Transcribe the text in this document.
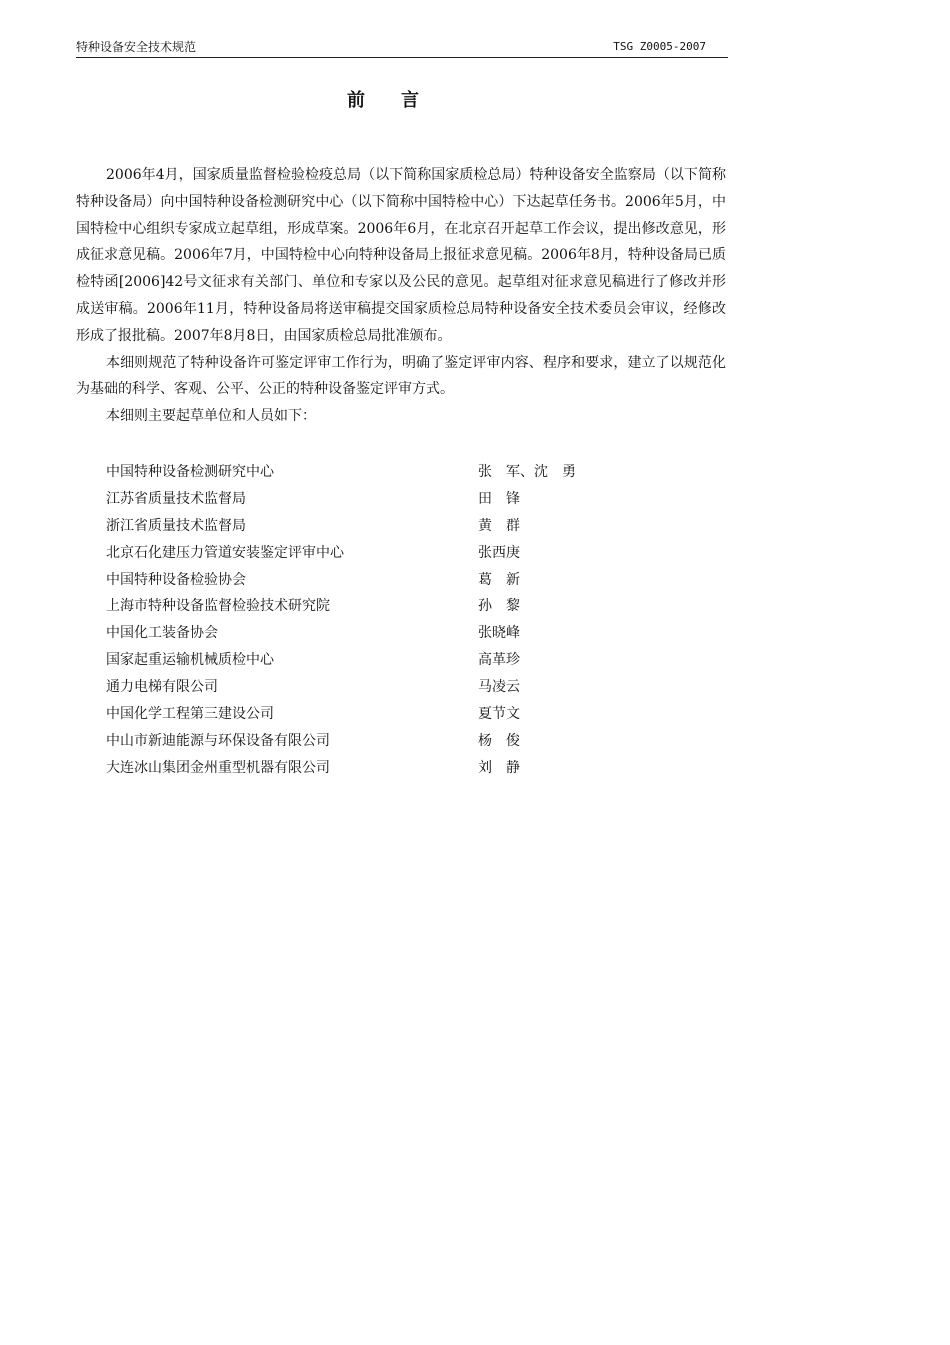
特种设备安全技术规范	TSG Z0005-2007
前言

2006年4月，国家质量监督检验检疫总局（以下简称国家质检总局）特种设备安全监察局（以下简称特种设备局）向中国特种设备检测研究中心（以下简称中国特检中心）下达起草任务书。2006年5月，中国特检中心组织专家成立起草组，形成草案。2006年6月，在北京召开起草工作会议，提出修改意见，形成征求意见稿。2006年7月，中国特检中心向特种设备局上报征求意见稿。2006年8月，特种设备局已质检特函[2006]42号文征求有关部门、单位和专家以及公民的意见。起草组对征求意见稿进行了修改并形成送审稿。2006年11月，特种设备局将送审稿提交国家质检总局特种设备安全技术委员会审议，经修改形成了报批稿。2007年8月8日，由国家质检总局批准颁布。

本细则规范了特种设备许可鉴定评审工作行为，明确了鉴定评审内容、程序和要求，建立了以规范化为基础的科学、客观、公平、公正的特种设备鉴定评审方式。

本细则主要起草单位和人员如下：

中国特种设备检测研究中心	张　军、沈　勇
江苏省质量技术监督局	田　锋
浙江省质量技术监督局	黄　群
北京石化建压力管道安装鉴定评审中心	张西庚
中国特种设备检验协会	葛　新
上海市特种设备监督检验技术研究院	孙　黎
中国化工装备协会	张晓峰
国家起重运输机械质检中心	高革珍
通力电梯有限公司	马凌云
中国化学工程第三建设公司	夏节文
中山市新迪能源与环保设备有限公司	杨　俊
大连冰山集团金州重型机器有限公司	刘　静
